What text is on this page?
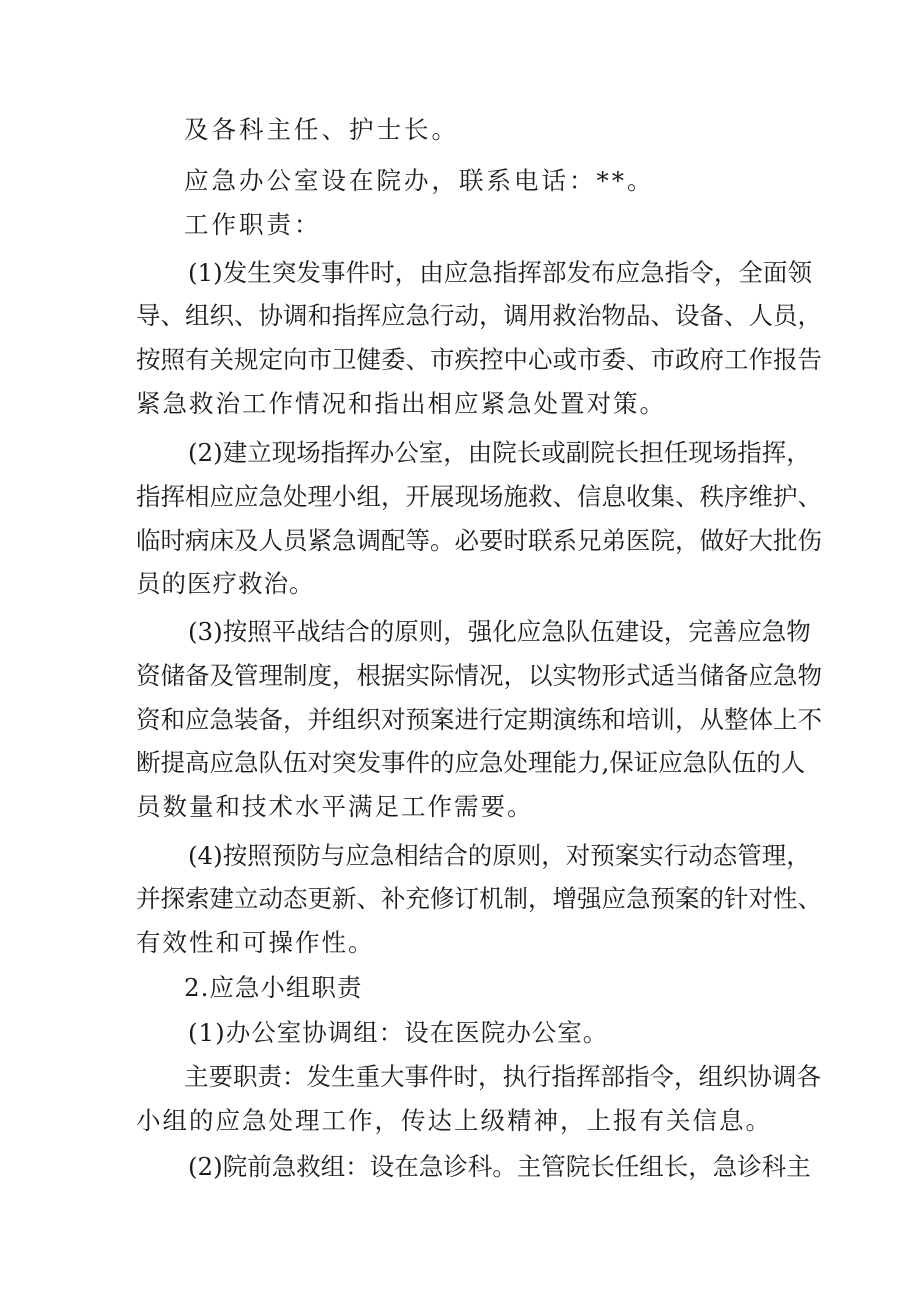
及各科主任、护士长。
应急办公室设在院办，联系电话：**。
工作职责：
(1)发生突发事件时，由应急指挥部发布应急指令，全面领
导、组织、协调和指挥应急行动，调用救治物品、设备、人员，
按照有关规定向市卫健委、市疾控中心或市委、市政府工作报告
紧急救治工作情况和指出相应紧急处置对策。
(2)建立现场指挥办公室，由院长或副院长担任现场指挥，
指挥相应应急处理小组，开展现场施救、信息收集、秩序维护、
临时病床及人员紧急调配等。必要时联系兄弟医院，做好大批伤
员的医疗救治。
(3)按照平战结合的原则，强化应急队伍建设，完善应急物
资储备及管理制度，根据实际情况，以实物形式适当储备应急物
资和应急装备，并组织对预案进行定期演练和培训，从整体上不
断提高应急队伍对突发事件的应急处理能力,保证应急队伍的人
员数量和技术水平满足工作需要。
(4)按照预防与应急相结合的原则，对预案实行动态管理，
并探索建立动态更新、补充修订机制，增强应急预案的针对性、
有效性和可操作性。
2.应急小组职责
(1)办公室协调组：设在医院办公室。
主要职责：发生重大事件时，执行指挥部指令，组织协调各
小组的应急处理工作，传达上级精神，上报有关信息。
(2)院前急救组：设在急诊科。主管院长任组长，急诊科主
